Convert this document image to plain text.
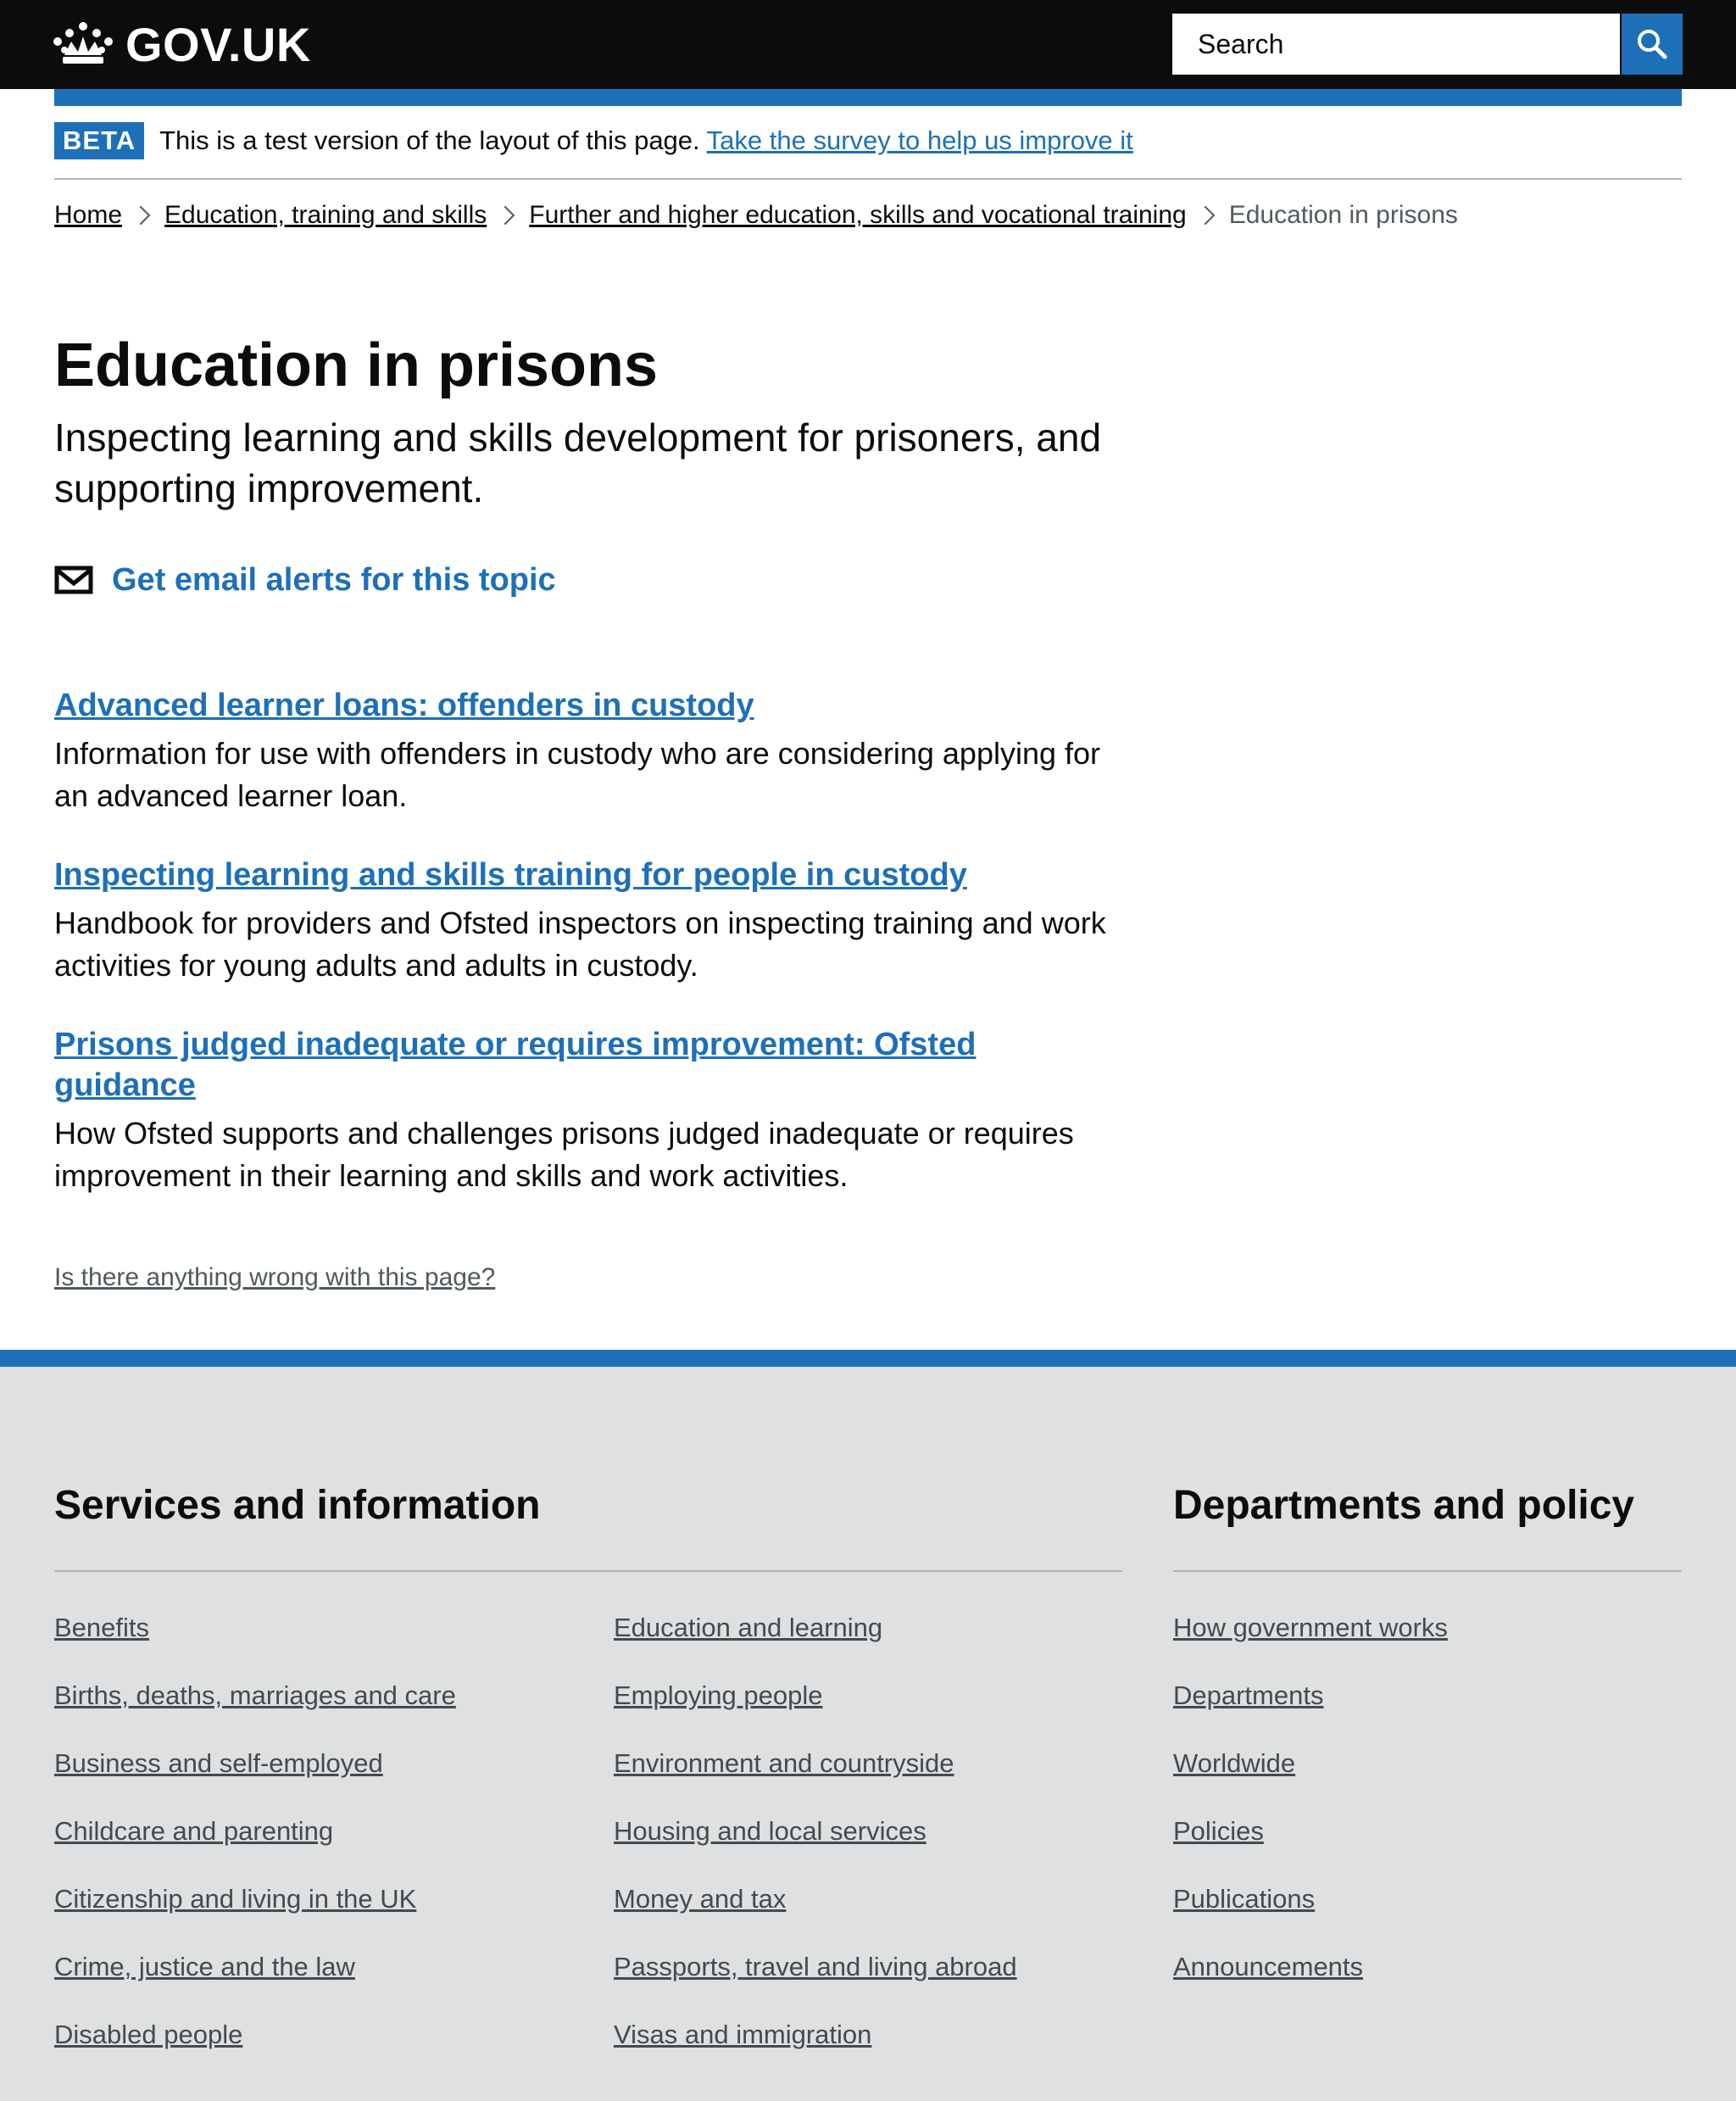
GOV.UK
Search
BETA This is a test version of the layout of this page. Take the survey to help us improve it
Home Education, training and skills Further and higher education, skills and vocational training Education in prisons
Education in prisons

Inspecting learning and skills development for prisoners, and supporting improvement.

Get email alerts for this topic
Advanced learner loans: offenders in custody

Information for use with offenders in custody who are considering applying for an advanced learner loan.

Inspecting learning and skills training for people in custody

Handbook for providers and Ofsted inspectors on inspecting training and work activities for young adults and adults in custody.

Prisons judged inadequate or requires improvement: Ofsted guidance

How Ofsted supports and challenges prisons judged inadequate or requires improvement in their learning and skills and work activities.

Is there anything wrong with this page?
Services and information
Benefits
Births, deaths, marriages and care
Business and self-employed
Childcare and parenting
Citizenship and living in the UK
Crime, justice and the law
Disabled people
Education and learning
Employing people
Environment and countryside
Housing and local services
Money and tax
Passports, travel and living abroad
Visas and immigration
Departments and policy
How government works
Departments
Worldwide
Policies
Publications
Announcements
